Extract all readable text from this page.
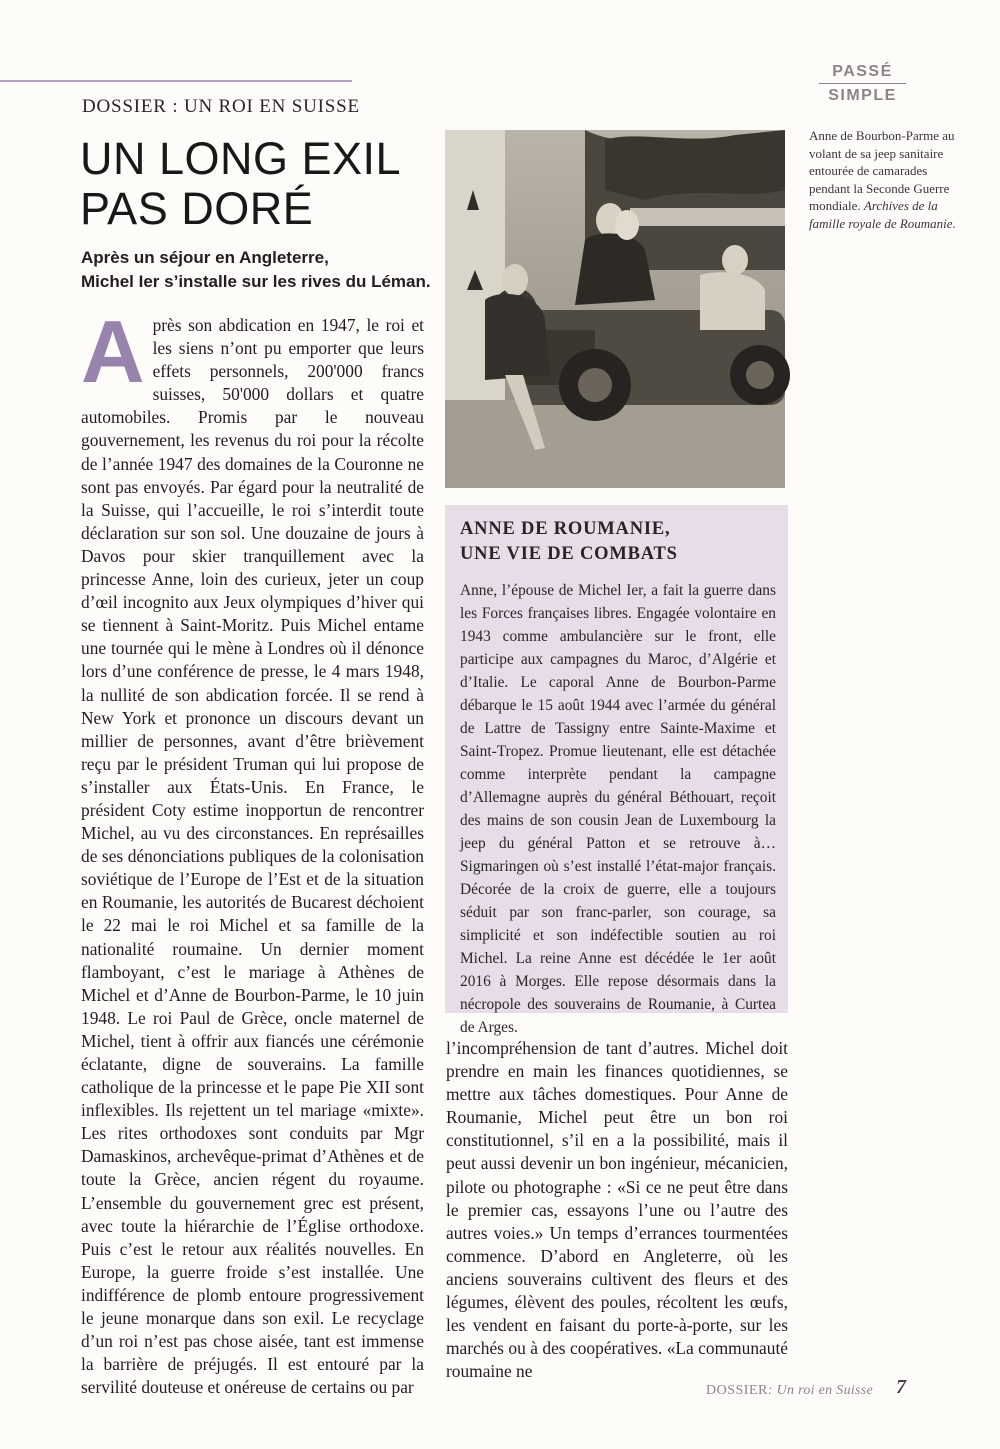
PASSÉ
SIMPLE
DOSSIER : UN ROI EN SUISSE
UN LONG EXIL
PAS DORÉ

Après un séjour en Angleterre,
Michel Ier s’installe sur les rives du Léman.

A près son abdication en 1947, le roi et les siens n’ont pu emporter que leurs effets personnels, 200'000 francs suisses, 50'000 dollars et quatre automobiles. Promis par le nouveau gouvernement, les revenus du roi pour la récolte de l’année 1947 des domaines de la Couronne ne sont pas envoyés. Par égard pour la neutralité de la Suisse, qui l’accueille, le roi s’interdit toute déclaration sur son sol. Une douzaine de jours à Davos pour skier tranquillement avec la princesse Anne, loin des curieux, jeter un coup d’œil incognito aux Jeux olympiques d’hiver qui se tiennent à Saint-Moritz. Puis Michel entame une tournée qui le mène à Londres où il dénonce lors d’une conférence de presse, le 4 mars 1948, la nullité de son abdication forcée. Il se rend à New York et prononce un discours devant un millier de personnes, avant d’être brièvement reçu par le président Truman qui lui propose de s’installer aux États-Unis. En France, le président Coty estime inopportun de rencontrer Michel, au vu des circonstances. En représailles de ses dénonciations publiques de la colonisation soviétique de l’Europe de l’Est et de la situation en Roumanie, les autorités de Bucarest déchoient le 22 mai le roi Michel et sa famille de la nationalité roumaine. Un dernier moment flamboyant, c’est le mariage à Athènes de Michel et d’Anne de Bourbon-Parme, le 10 juin 1948. Le roi Paul de Grèce, oncle maternel de Michel, tient à offrir aux fiancés une cérémonie éclatante, digne de souverains. La famille catholique de la princesse et le pape Pie XII sont inflexibles. Ils rejettent un tel mariage «mixte». Les rites orthodoxes sont conduits par Mgr Damaskinos, archevêque-primat d’Athènes et de toute la Grèce, ancien régent du royaume. L’ensemble du gouvernement grec est présent, avec toute la hiérarchie de l’Église orthodoxe. Puis c’est le retour aux réalités nouvelles. En Europe, la guerre froide s’est installée. Une indifférence de plomb entoure progressivement le jeune monarque dans son exil. Le recyclage d’un roi n’est pas chose aisée, tant est immense la barrière de préjugés. Il est entouré par la servilité douteuse et onéreuse de certains ou par

Anne de Bourbon-Parme au volant de sa jeep sanitaire entourée de camarades pendant la Seconde Guerre mondiale. Archives de la famille royale de Roumanie.

ANNE DE ROUMANIE,
UNE VIE DE COMBATS

Anne, l’épouse de Michel Ier, a fait la guerre dans les Forces françaises libres. Engagée volontaire en 1943 comme ambulancière sur le front, elle participe aux campagnes du Maroc, d’Algérie et d’Italie. Le caporal Anne de Bourbon-Parme débarque le 15 août 1944 avec l’armée du général de Lattre de Tassigny entre Sainte-Maxime et Saint-Tropez. Promue lieutenant, elle est détachée comme interprète pendant la campagne d’Allemagne auprès du général Béthouart, reçoit des mains de son cousin Jean de Luxembourg la jeep du général Patton et se retrouve à… Sigmaringen où s’est installé l’état-major français. Décorée de la croix de guerre, elle a toujours séduit par son franc-parler, son courage, sa simplicité et son indéfectible soutien au roi Michel. La reine Anne est décédée le 1er août 2016 à Morges. Elle repose désormais dans la nécropole des souverains de Roumanie, à Curtea de Arges.

l’incompréhension de tant d’autres. Michel doit prendre en main les finances quotidiennes, se mettre aux tâches domestiques. Pour Anne de Roumanie, Michel peut être un bon roi constitutionnel, s’il en a la possibilité, mais il peut aussi devenir un bon ingénieur, mécanicien, pilote ou photographe : «Si ce ne peut être dans le premier cas, essayons l’une ou l’autre des autres voies.» Un temps d’errances tourmentées commence. D’abord en Angleterre, où les anciens souverains cultivent des fleurs et des légumes, élèvent des poules, récoltent les œufs, les vendent en faisant du porte-à-porte, sur les marchés ou à des coopératives. «La communauté roumaine ne

DOSSIER: Un roi en Suisse 7
